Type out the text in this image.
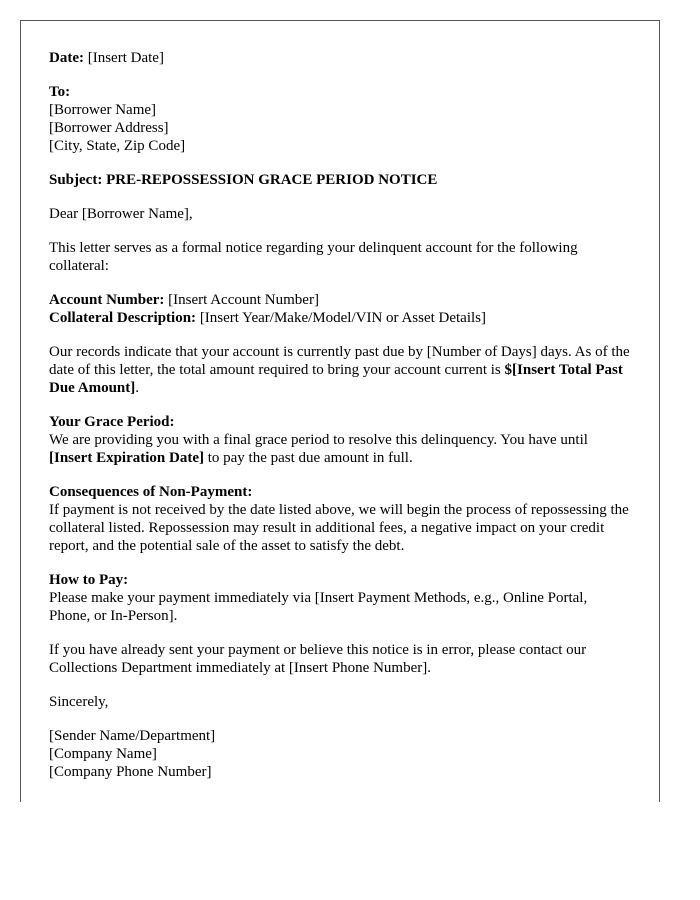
Date: [Insert Date]

To:
[Borrower Name]
[Borrower Address]
[City, State, Zip Code]

Subject: PRE-REPOSSESSION GRACE PERIOD NOTICE

Dear [Borrower Name],

This letter serves as a formal notice regarding your delinquent account for the following collateral:

Account Number: [Insert Account Number]
Collateral Description: [Insert Year/Make/Model/VIN or Asset Details]

Our records indicate that your account is currently past due by [Number of Days] days. As of the date of this letter, the total amount required to bring your account current is $[Insert Total Past Due Amount].

Your Grace Period:
We are providing you with a final grace period to resolve this delinquency. You have until [Insert Expiration Date] to pay the past due amount in full.

Consequences of Non-Payment:
If payment is not received by the date listed above, we will begin the process of repossessing the collateral listed. Repossession may result in additional fees, a negative impact on your credit report, and the potential sale of the asset to satisfy the debt.

How to Pay:
Please make your payment immediately via [Insert Payment Methods, e.g., Online Portal, Phone, or In-Person].

If you have already sent your payment or believe this notice is in error, please contact our Collections Department immediately at [Insert Phone Number].

Sincerely,

[Sender Name/Department]
[Company Name]
[Company Phone Number]
